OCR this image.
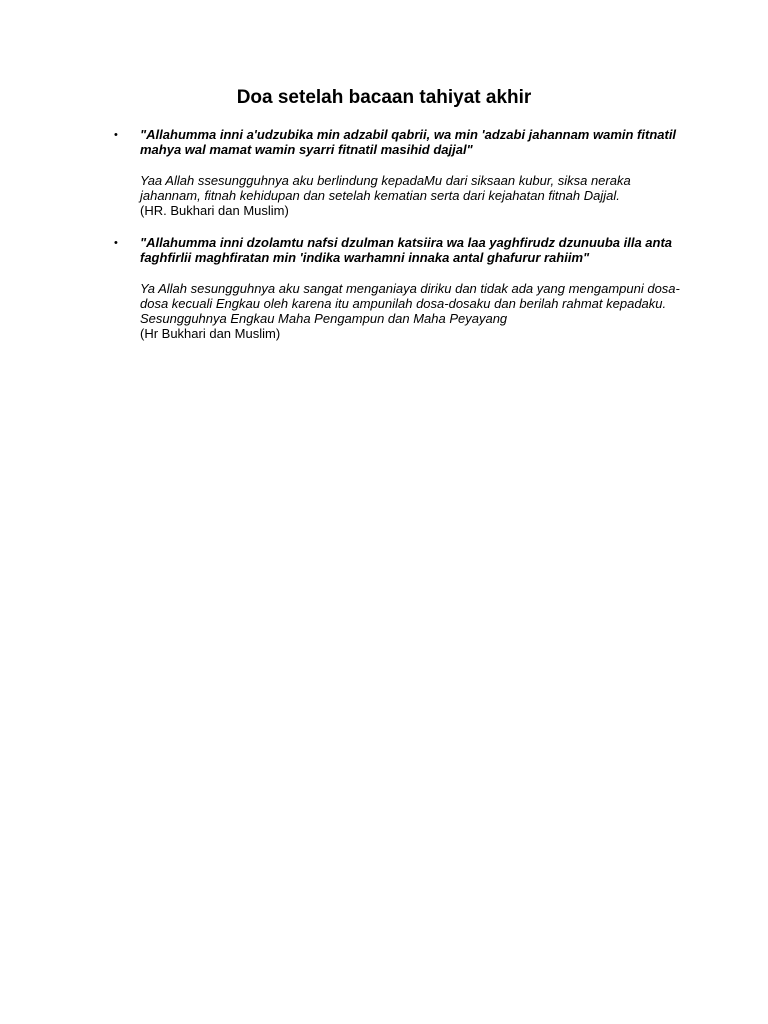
Doa setelah bacaan tahiyat akhir
• "Allahumma inni a'udzubika min adzabil qabrii, wa min 'adzabi jahannam wamin fitnatil mahya wal mamat wamin syarri fitnatil masihid dajjal"

Yaa Allah ssesungguhnya aku berlindung kepadaMu dari siksaan kubur, siksa neraka jahannam, fitnah kehidupan dan setelah kematian serta dari kejahatan fitnah Dajjal.

(HR. Bukhari dan Muslim)

• "Allahumma inni dzolamtu nafsi dzulman katsiira wa laa yaghfirudz dzunuuba illa anta faghfirlii maghfiratan min 'indika warhamni innaka antal ghafurur rahiim"

Ya Allah sesungguhnya aku sangat menganiaya diriku dan tidak ada yang mengampuni dosa-dosa kecuali Engkau oleh karena itu ampunilah dosa-dosaku dan berilah rahmat kepadaku. Sesungguhnya Engkau Maha Pengampun dan Maha Peyayang

(Hr Bukhari dan Muslim)
